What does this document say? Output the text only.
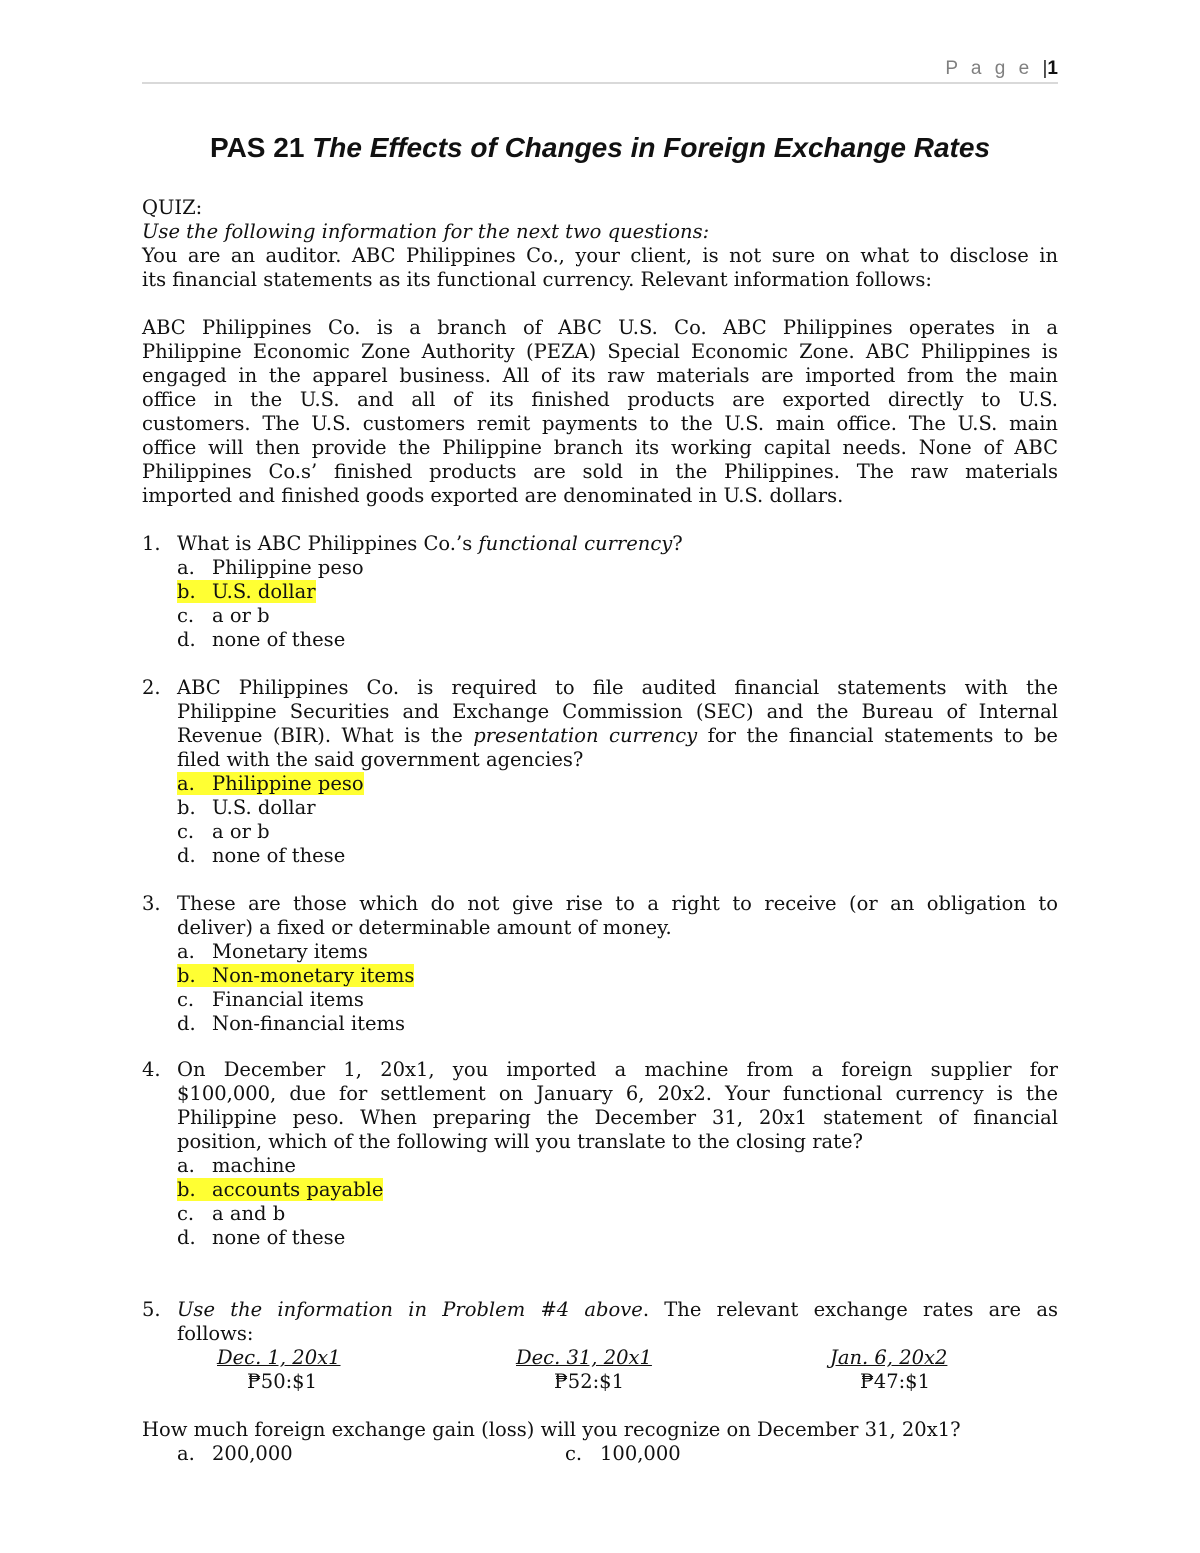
P a g e |1
PAS 21 The Effects of Changes in Foreign Exchange Rates
QUIZ:
Use the following information for the next two questions:
You are an auditor. ABC Philippines Co., your client, is not sure on what to disclose in
its financial statements as its functional currency. Relevant information follows:
ABC Philippines Co. is a branch of ABC U.S. Co. ABC Philippines operates in a
Philippine Economic Zone Authority (PEZA) Special Economic Zone. ABC Philippines is
engaged in the apparel business. All of its raw materials are imported from the main
office in the U.S. and all of its finished products are exported directly to U.S.
customers. The U.S. customers remit payments to the U.S. main office. The U.S. main
office will then provide the Philippine branch its working capital needs. None of ABC
Philippines Co.s’ finished products are sold in the Philippines. The raw materials
imported and finished goods exported are denominated in U.S. dollars.
1. What is ABC Philippines Co.’s functional currency?
a. Philippine peso
b. U.S. dollar
c. a or b
d. none of these
2. ABC Philippines Co. is required to file audited financial statements with the
Philippine Securities and Exchange Commission (SEC) and the Bureau of Internal
Revenue (BIR). What is the presentation currency for the financial statements to be
filed with the said government agencies?
a. Philippine peso
b. U.S. dollar
c. a or b
d. none of these
3. These are those which do not give rise to a right to receive (or an obligation to
deliver) a fixed or determinable amount of money.
a. Monetary items
b. Non-monetary items
c. Financial items
d. Non-financial items
4. On December 1, 20x1, you imported a machine from a foreign supplier for
$100,000, due for settlement on January 6, 20x2. Your functional currency is the
Philippine peso. When preparing the December 31, 20x1 statement of financial
position, which of the following will you translate to the closing rate?
a. machine
b. accounts payable
c. a and b
d. none of these
5. Use the information in Problem #4 above. The relevant exchange rates are as
follows:
Dec. 1, 20x1	Dec. 31, 20x1	Jan. 6, 20x2
₱50:$1	₱52:$1	₱47:$1
How much foreign exchange gain (loss) will you recognize on December 31, 20x1?
a. 200,000	c. 100,000
